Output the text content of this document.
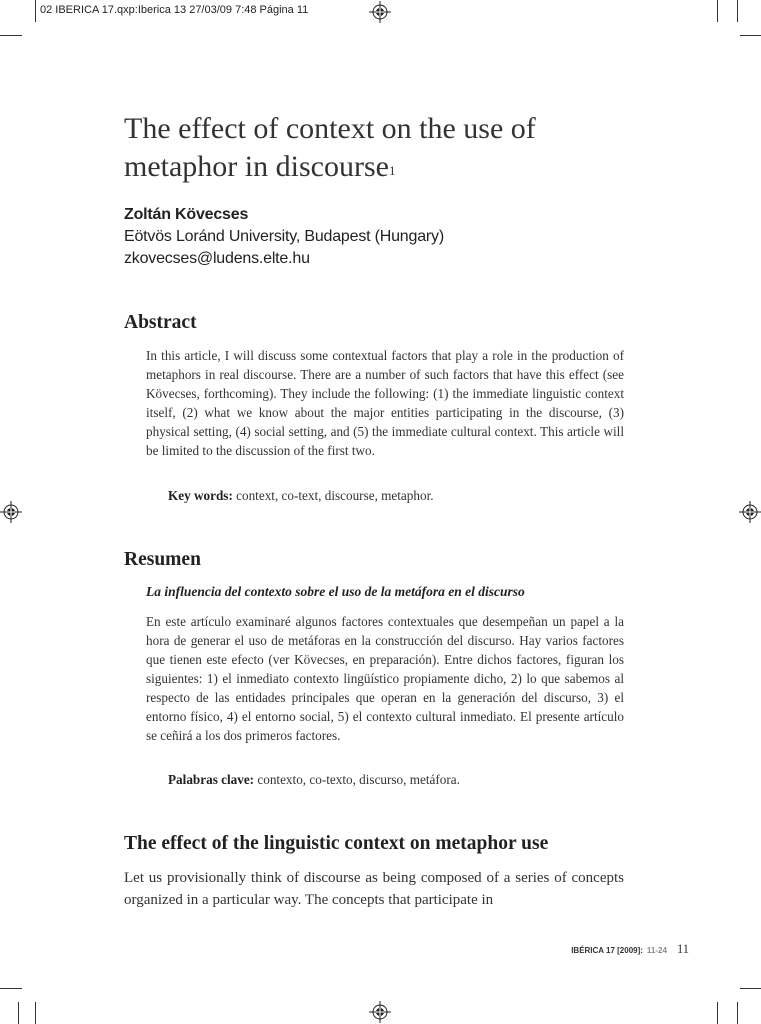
02 IBERICA 17.qxp:Iberica 13 27/03/09 7:48 Página 11
The effect of context on the use of metaphor in discourse$^1$
Zoltán Kövecses
Eötvös Loránd University, Budapest (Hungary)
zkovecses@ludens.elte.hu
Abstract

In this article, I will discuss some contextual factors that play a role in the production of metaphors in real discourse. There are a number of such factors that have this effect (see Kövecses, forthcoming). They include the following: (1) the immediate linguistic context itself, (2) what we know about the major entities participating in the discourse, (3) physical setting, (4) social setting, and (5) the immediate cultural context. This article will be limited to the discussion of the first two.

Key words: context, co-text, discourse, metaphor.
Resumen
La influencia del contexto sobre el uso de la metáfora en el discurso

En este artículo examinaré algunos factores contextuales que desempeñan un papel a la hora de generar el uso de metáforas en la construcción del discurso. Hay varios factores que tienen este efecto (ver Kövecses, en preparación). Entre dichos factores, figuran los siguientes: 1) el inmediato contexto lingüístico propiamente dicho, 2) lo que sabemos al respecto de las entidades principales que operan en la generación del discurso, 3) el entorno físico, 4) el entorno social, 5) el contexto cultural inmediato. El presente artículo se ceñirá a los dos primeros factores.

Palabras clave: contexto, co-texto, discurso, metáfora.
The effect of the linguistic context on metaphor use

Let us provisionally think of discourse as being composed of a series of concepts organized in a particular way. The concepts that participate in

IBÉRICA 17 [2009]: 11-24 11
